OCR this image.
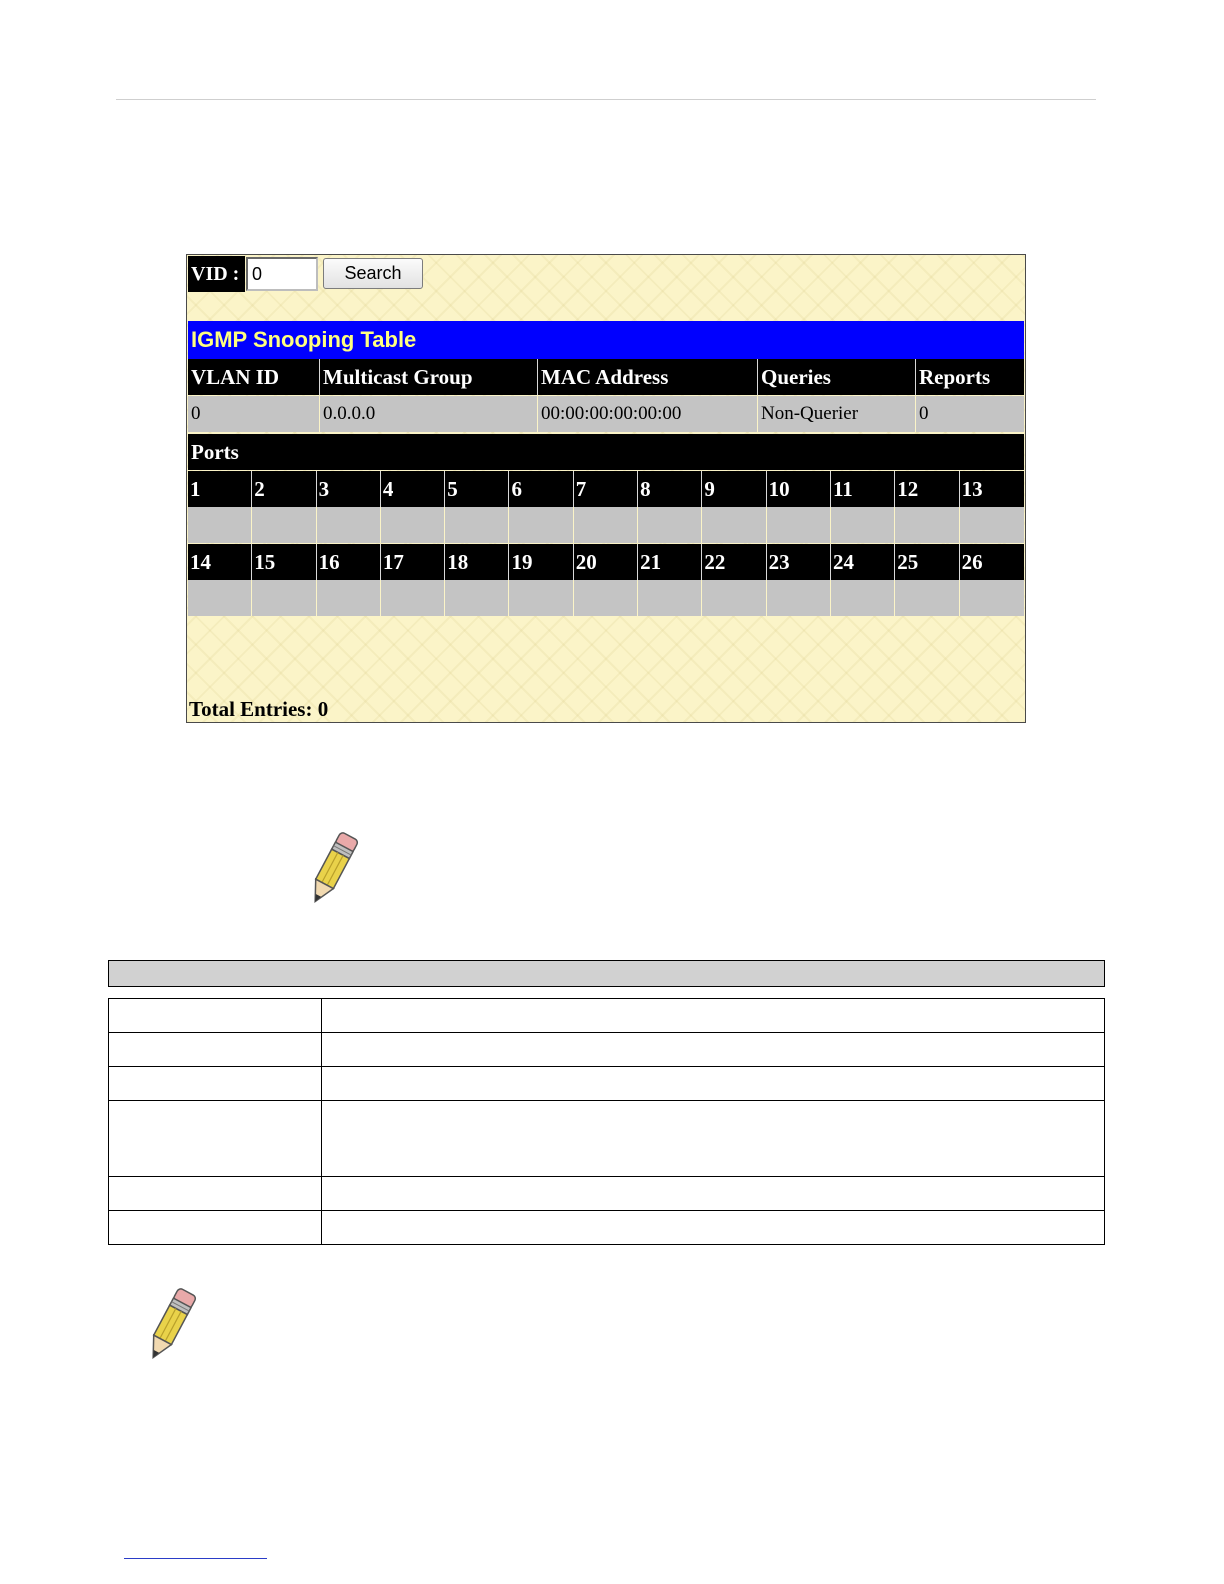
VID :
0	Search
IGMP Snooping Table
VLAN ID	Multicast Group	MAC Address	Queries	Reports
0	0.0.0.0	00:00:00:00:00:00	Non-Querier	0
Ports
1	2	3	4	5	6	7	8	9	10	11	12	13
14	15	16	17	18	19	20	21	22	23	24	25	26
Total Entries: 0
